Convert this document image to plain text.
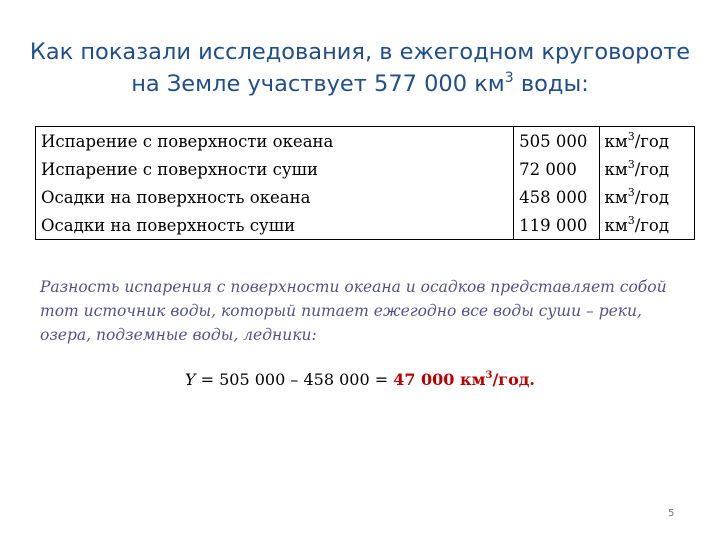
Как показали исследования, в ежегодном круговороте
на Земле участвует 577 000 $км^3$ воды:
Испарение с поверхности океана	505 000	$км^3$/год
Испарение с поверхности суши	72 000	$км^3$/год
Осадки на поверхность океана	458 000	$км^3$/год
Осадки на поверхность суши	119 000	$км^3$/год
Разность испарения с поверхности океана и осадков представляет собой тот источник воды, который питает ежегодно все воды суши – реки, озера, подземные воды, ледники:
Y = 505 000 – 458 000 = 47 000 $км^3$/год.
5
